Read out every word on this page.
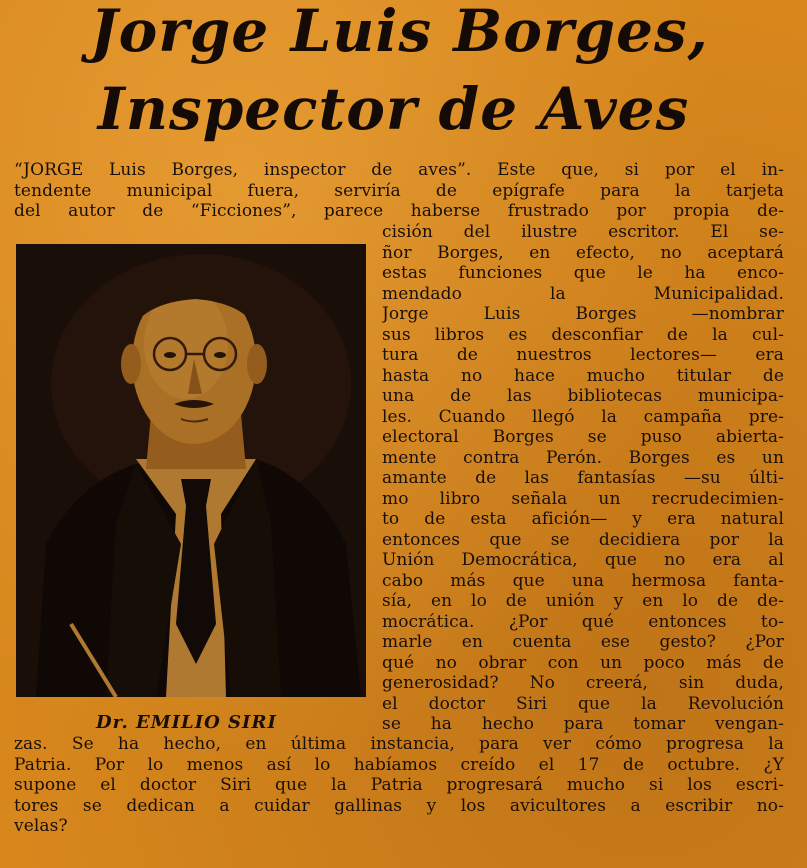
Jorge Luis Borges,
Inspector de Aves
“JORGE Luis Borges, inspector de aves”. Este que, si por el in-
tendente municipal fuera, serviría de epígrafe para la tarjeta
del autor de “Ficciones”, parece haberse frustrado por propia de-
Dr. EMILIO SIRI
cisión del ilustre escritor. El se-
ñor Borges, en efecto, no aceptará
estas funciones que le ha enco-
mendado la Municipalidad.
Jorge Luis Borges —nombrar
sus libros es desconfiar de la cul-
tura de nuestros lectores— era
hasta no hace mucho titular de
una de las bibliotecas municipa-
les. Cuando llegó la campaña pre-
electoral Borges se puso abierta-
mente contra Perón. Borges es un
amante de las fantasías —su últi-
mo libro señala un recrudecimien-
to de esta afición— y era natural
entonces que se decidiera por la
Unión Democrática, que no era al
cabo más que una hermosa fanta-
sía, en lo de unión y en lo de de-
mocrática. ¿Por qué entonces to-
marle en cuenta ese gesto? ¿Por
qué no obrar con un poco más de
generosidad? No creerá, sin duda,
el doctor Siri que la Revolución
se ha hecho para tomar vengan-
zas. Se ha hecho, en última instancia, para ver cómo progresa la
Patria. Por lo menos así lo habíamos creído el 17 de octubre. ¿Y
supone el doctor Siri que la Patria progresará mucho si los escri-
tores se dedican a cuidar gallinas y los avicultores a escribir no-
velas?
